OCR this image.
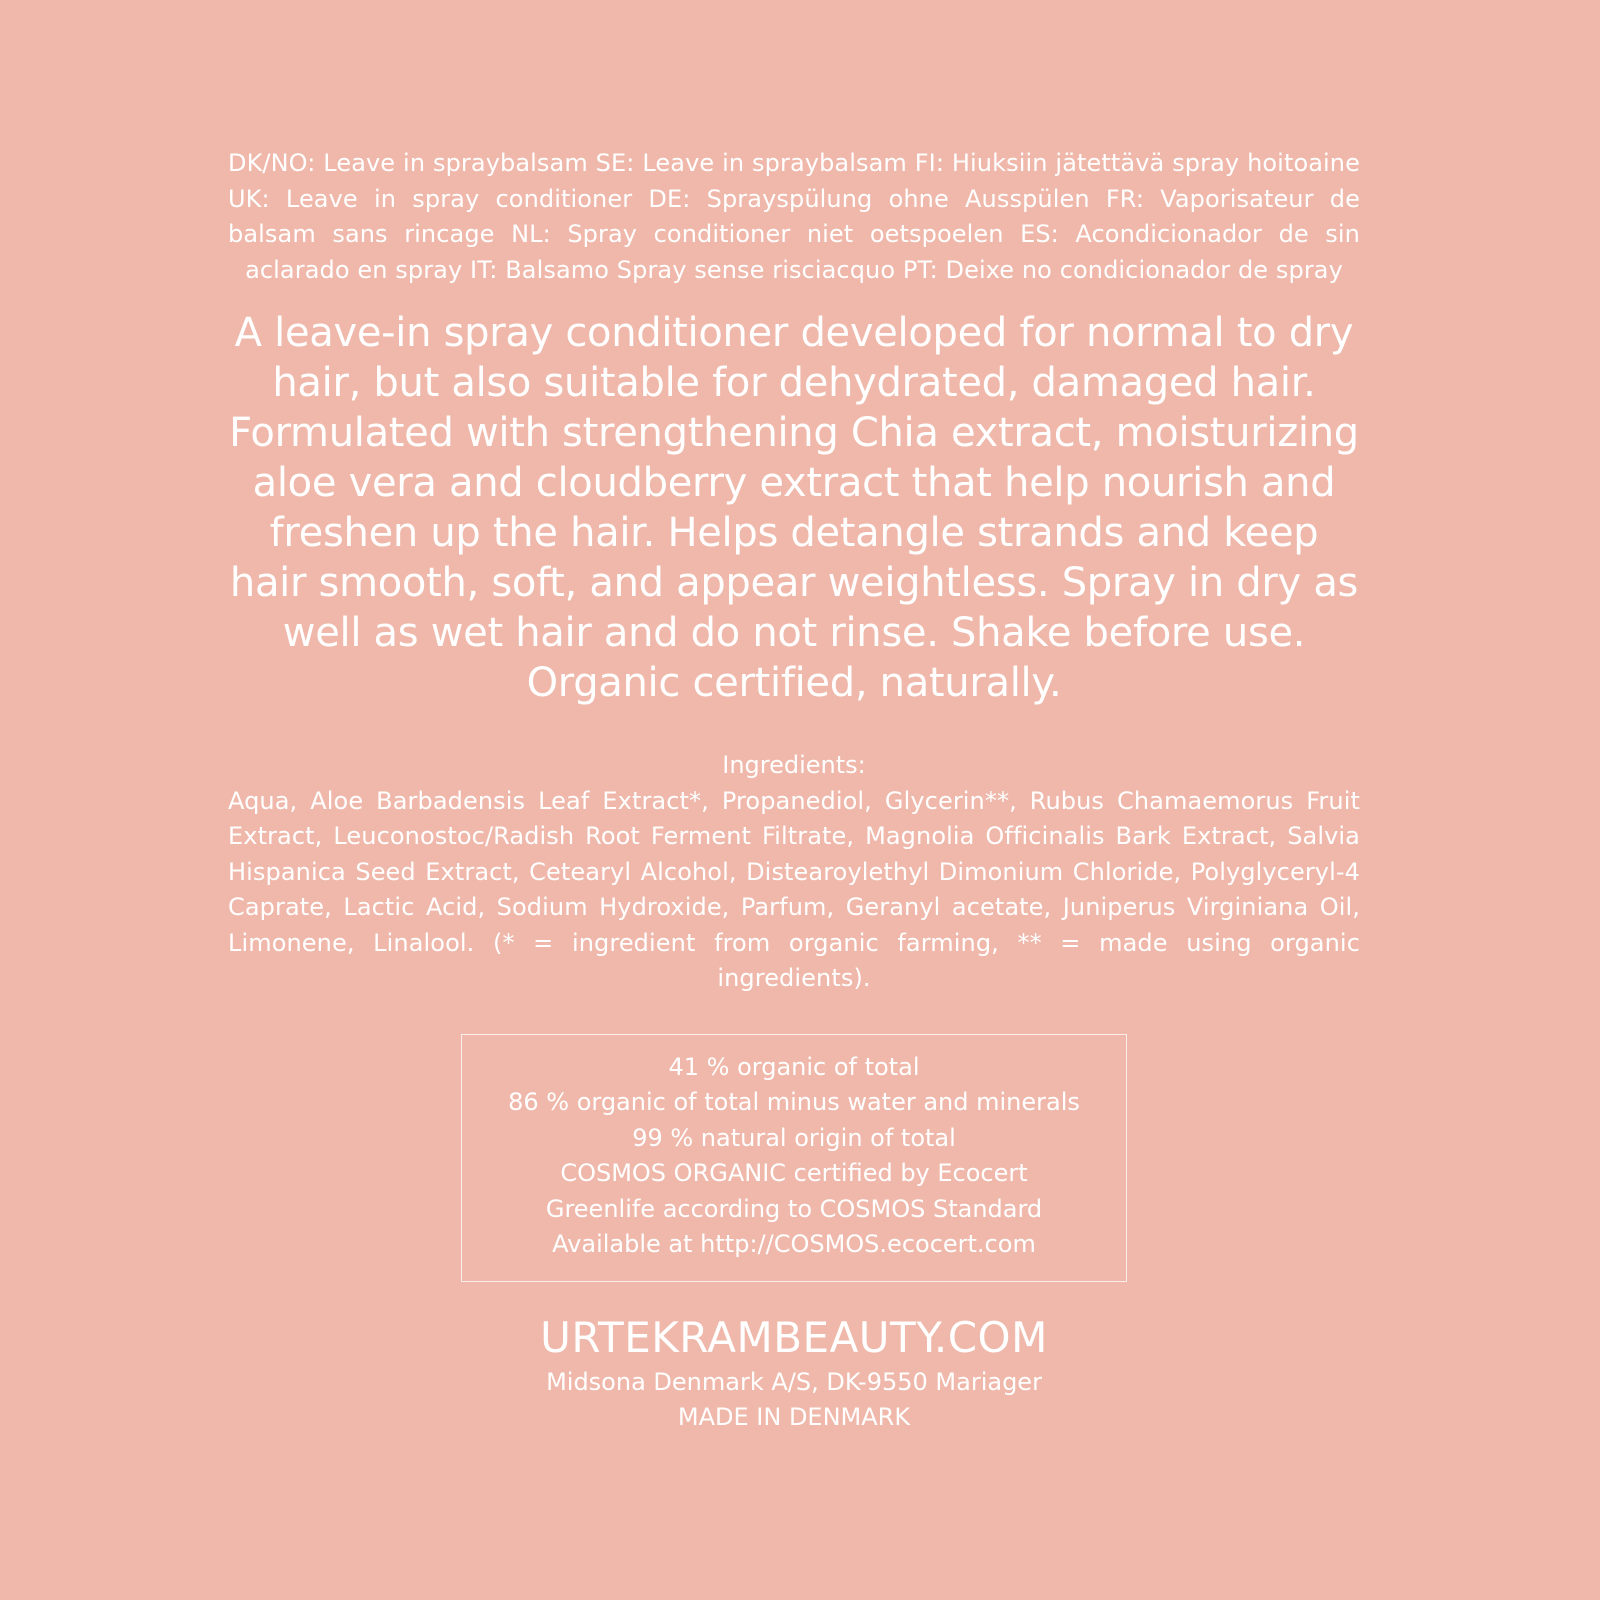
DK/NO: Leave in spraybalsam SE: Leave in spraybalsam FI: Hiuksiin jätettävä spray hoitoaine UK: Leave in spray conditioner DE: Sprayspülung ohne Ausspülen FR: Vaporisateur de balsam sans rincage NL: Spray conditioner niet oetspoelen ES: Acondicionador de sin aclarado en spray IT: Balsamo Spray sense risciacquo PT: Deixe no condicionador de spray

A leave-in spray conditioner developed for normal to dry hair, but also suitable for dehydrated, damaged hair. Formulated with strengthening Chia extract, moisturizing aloe vera and cloudberry extract that help nourish and freshen up the hair. Helps detangle strands and keep hair smooth, soft, and appear weightless. Spray in dry as well as wet hair and do not rinse. Shake before use. Organic certified, naturally.

Ingredients:

Aqua, Aloe Barbadensis Leaf Extract*, Propanediol, Glycerin**, Rubus Chamaemorus Fruit Extract, Leuconostoc/Radish Root Ferment Filtrate, Magnolia Officinalis Bark Extract, Salvia Hispanica Seed Extract, Cetearyl Alcohol, Distearoylethyl Dimonium Chloride, Polyglyceryl-4 Caprate, Lactic Acid, Sodium Hydroxide, Parfum, Geranyl acetate, Juniperus Virginiana Oil, Limonene, Linalool. (* = ingredient from organic farming, ** = made using organic ingredients).

41 % organic of total
86 % organic of total minus water and minerals
99 % natural origin of total
COSMOS ORGANIC certified by Ecocert
Greenlife according to COSMOS Standard
Available at http://COSMOS.ecocert.com
URTEKRAMBEAUTY.COM
Midsona Denmark A/S, DK-9550 Mariager
MADE IN DENMARK
